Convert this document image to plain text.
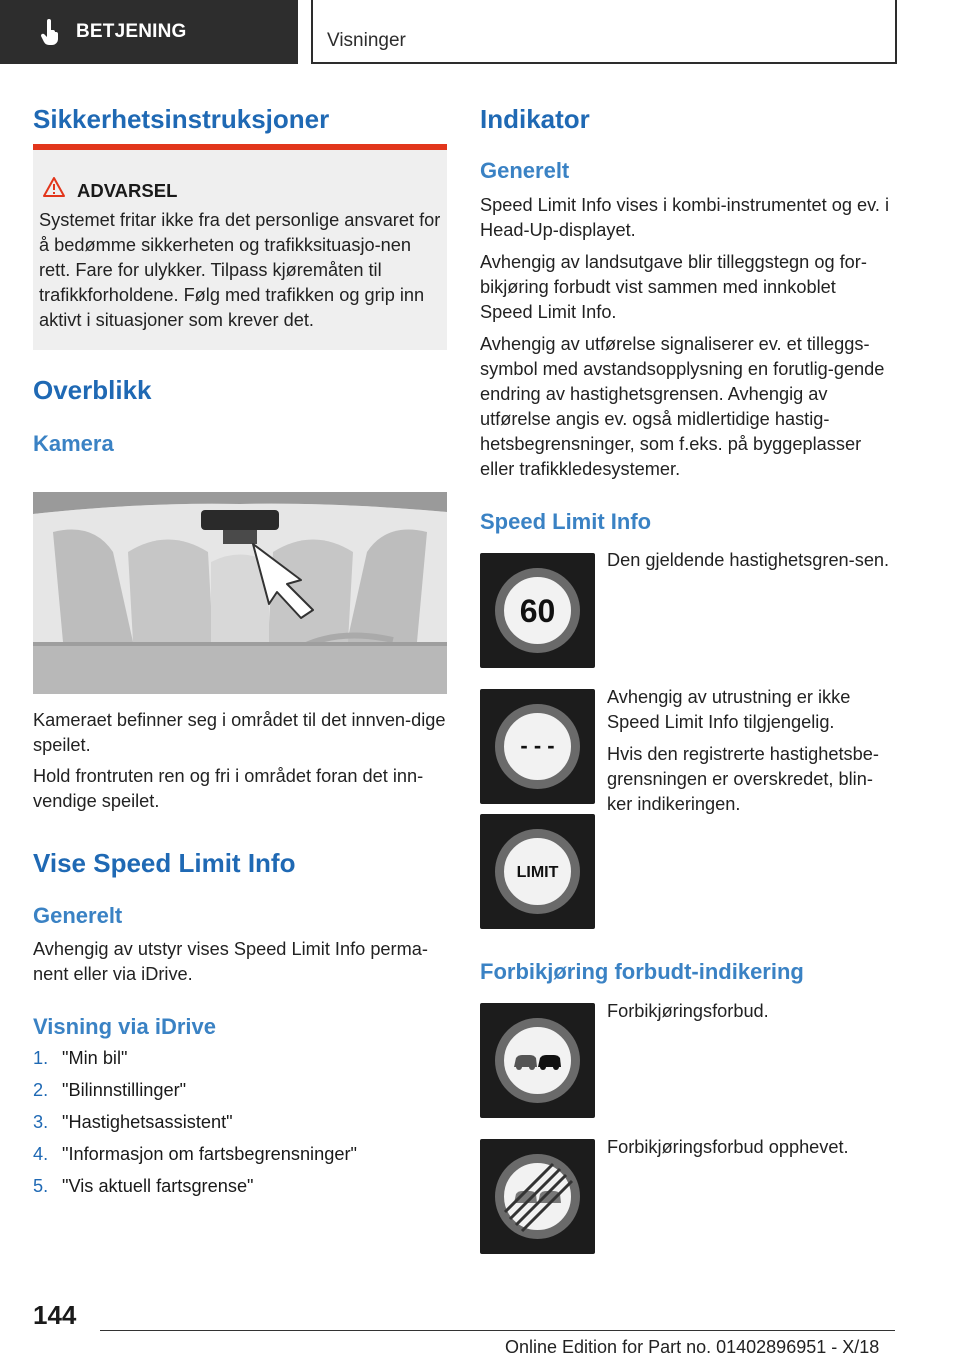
BETJENING	Visninger
Sikkerhetsinstruksjoner
ADVARSEL

Systemet fritar ikke fra det personlige ansvaret for å bedømme sikkerheten og trafikksituasjo-nen rett. Fare for ulykker. Tilpass kjøremåten til trafikkforholdene. Følg med trafikken og grip inn aktivt i situasjoner som krever det.

Overblikk
Kamera

Kameraet befinner seg i området til det innven-dige speilet.

Hold frontruten ren og fri i området foran det inn-vendige speilet.

Vise Speed Limit Info
Generelt

Avhengig av utstyr vises Speed Limit Info perma-nent eller via iDrive.

Visning via iDrive
1. "Min bil"
2. "Bilinnstillinger"
3. "Hastighetsassistent"
4. "Informasjon om fartsbegrensninger"
5. "Vis aktuell fartsgrense"
Indikator
Generelt

Speed Limit Info vises i kombi-instrumentet og ev. i Head-Up-displayet.

Avhengig av landsutgave blir tilleggstegn og for-bikjøring forbudt vist sammen med innkoblet Speed Limit Info.

Avhengig av utførelse signaliserer ev. et tilleggs-symbol med avstandsopplysning en forutlig-gende endring av hastighetsgrensen. Avhengig av utførelse angis ev. også midlertidige hastig-hetsbegrensninger, som f.eks. på byggeplasser eller trafikkledesystemer.

Speed Limit Info
60

Den gjeldende hastighetsgren-sen.

- - -

Avhengig av utrustning er ikke Speed Limit Info tilgjengelig.

Hvis den registrerte hastighetsbe-grensningen er overskredet, blin-ker indikeringen.

LIMIT
Forbikjøring forbudt-indikering

Forbikjøringsforbud.

Forbikjøringsforbud opphevet.

144
Online Edition for Part no. 01402896951 - X/18
